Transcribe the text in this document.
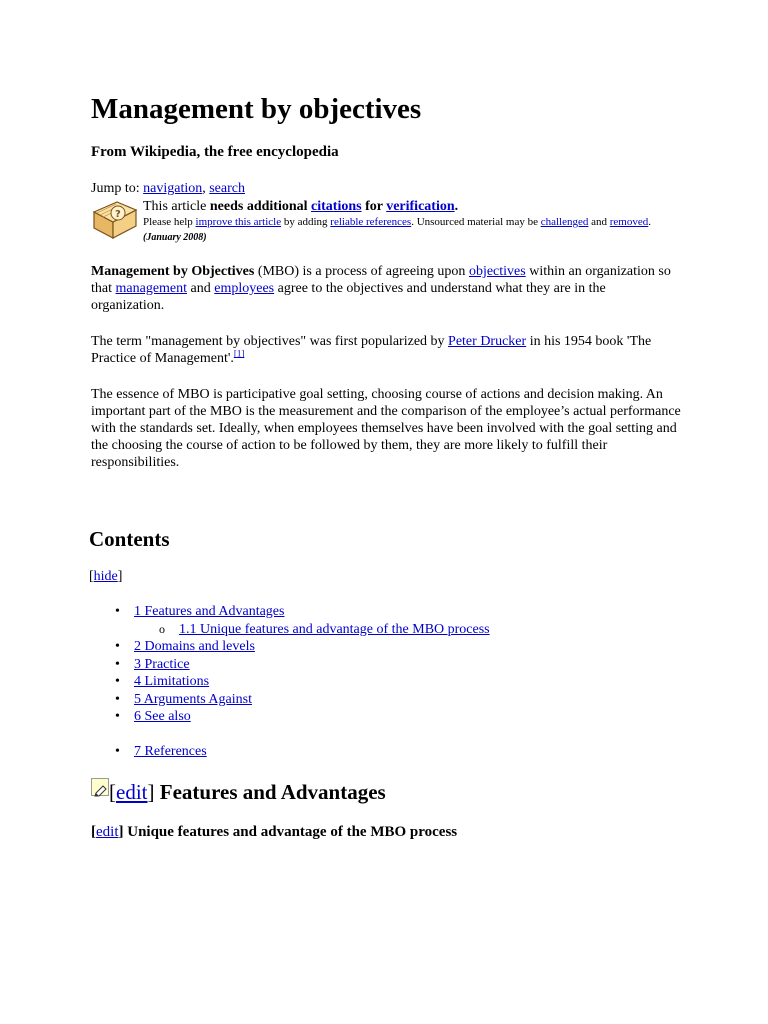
Management by objectives

From Wikipedia, the free encyclopedia

Jump to: navigation, search

?
This article needs additional citations for verification.
Please help improve this article by adding reliable references. Unsourced material may be challenged and removed. (January 2008)

Management by Objectives (MBO) is a process of agreeing upon objectives within an organization so that management and employees agree to the objectives and understand what they are in the organization.

The term "management by objectives" was first popularized by Peter Drucker in his 1954 book 'The Practice of Management'.[1]

The essence of MBO is participative goal setting, choosing course of actions and decision making. An important part of the MBO is the measurement and the comparison of the employee’s actual performance with the standards set. Ideally, when employees themselves have been involved with the goal setting and the choosing the course of action to be followed by them, they are more likely to fulfill their responsibilities.

Contents
[hide]
• 1 Features and Advantages
o 1.1 Unique features and advantage of the MBO process
• 2 Domains and levels
• 3 Practice
• 4 Limitations
• 5 Arguments Against
• 6 See also
• 7 References
[edit] Features and Advantages
[edit] Unique features and advantage of the MBO process
